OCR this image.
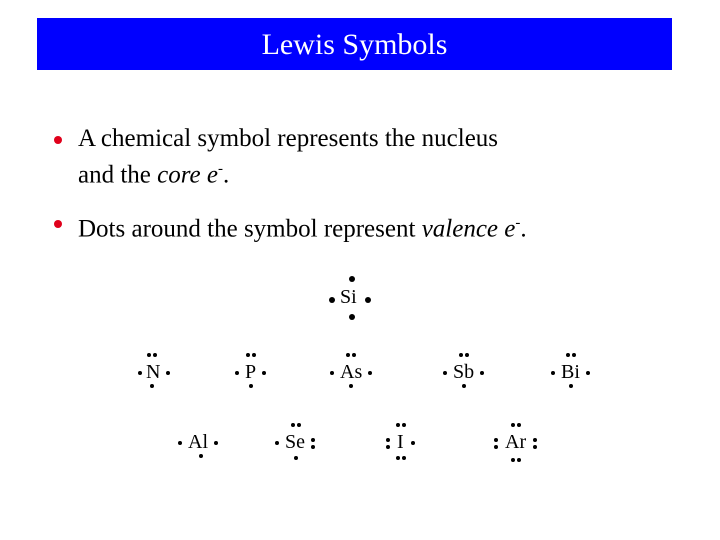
Lewis Symbols
A chemical symbol represents the nucleus
and the core e-.
Dots around the symbol represent valence e-.
Si
N	P	As	Sb	Bi
Al	Se	I	Ar
